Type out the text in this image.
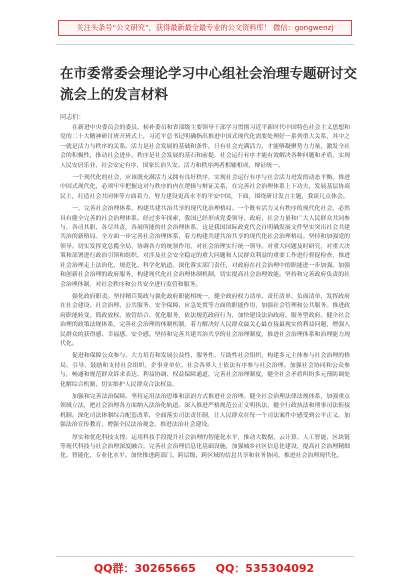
关注头条号“公文研究”，获得最新最全最专业的公文资料库！ 微信：gongwenzj
在市委常委会理论学习中心组社会治理专题研讨交流会上的发言材料
同志们：

在新进中央委员会的委员、候补委员和省部级主要领导干部学习贯彻习近平新时代中国特色社会主义思想和党的二十大精神研讨班开班式上，习近平总书记明确指出推进中国式现代化需要处理好一系列重大关系，其中之一就是活力与秩序的关系。活力是社会发展的基础和条件，只有社会充满活力，才能够凝聚势力力量，激发全社会的积极性，推动社会进步。秩序是社会发展的基石和前提，社会运行有序才能有效解决各种问题和矛盾，实现人民安居乐业、社会安定有序，国家长治久安。活力和秩序两者相辅相成，辩证统一。

一个现代化的社会，应该既充满活力又拥有良好秩序，实现社会运行有序与社会活力迸发的动态平衡。推进中国式现代化，必须牢牢把握这对与秩序的内在逻辑与辩证关系，在完善社会治理体系上下功夫，发展基层协商民主，打造社会共同体等方面着力，努力建设更高水平的平安中国，下面，围绕研讨发言主题，我谈几点体会。

一、完善社会治理体系，构建共建共治共享的现代化治理格局。一个既有活力又有秩序的现代化社会，必然具有健全完善的社会治理体系。经过多年探索，我国已经形成党委领导、政府、社会力量和广大人民群众共同参与，各司其职、各尽其责，各展所能的社会治理体系，这是我国国际政党代会自明确发展文件坚实突出社会共建共治的新格局。全方面一步完善社会治理体系，着力构建共建共治共享的现代化社会治理格局。坚持和加强党的领导。切实发挥党总揽全局、协调各方的统领作用，对社会治理实行统一领导。对重大问题及时研究，对重大决策和部署进行政治引领和组织，对涉及社会安全稳定的重大问题和人民群众利益的重要工作进行督促检查，推进社会治理走上法治化、规范化、科学化轨道。深化落实部门责任，对政府在社会治理中的职能进一步加强。加强和创新社会治理的政府服务，构建现代化社会治理体制机制，切实提高社会治理效能。坚持和完善政府负责的社会治理体制，对社会秩序和公共安全进行监管和服务。

强化政府职责。坚持精兵简政与强化政府职能相统一，健全政府权力清单、责任清单、负面清单，发挥政府在社会建设、社会治理、公共服务、安全保障、应急处置等方面的职能作用，加强社会管理和公共服务。推进政府职能转变，简政放权、放管结合、优化服务，依法规范政府行为，加快建设法治政府、服务型政府。健全社会治理的政策法规体系，完善社会治理的体制机制，着力解决好人民群众最关心最直接最现实的利益问题，增强人民群众的获得感、幸福感、安全感。坚持和完善共建共治共享的社会治理制度，推进社会治理体系和治理能力现代化。

促进和保障公众参与。大力培育和发展公益性、服务性、互助性社会组织，构建多元主体参与社会治理的格局。引导、鼓励和支持社会组织、企事业单位、社会各界人士依法有序参与社会治理。加强社会协同和公众参与，畅通和规范群众诉求表达、利益协调、权益保障通道，完善社会治理制度，健全社会矛盾纠纷多元预防调处化解综合机制，切实维护人民群众合法权益。

加强和完善法治保障。坚持运用法治思维和法治方式推进社会治理。健全社会治理法律法规体系，加强重点领域立法，把社会治理各方面纳入法治化轨道。深入推进严格规范公正文明执法，健全行政执法和刑事司法衔接机制。深化司法体制综合配套改革，全面落实司法责任制，让人民群众在每一个司法案件中感受到公平正义。加强法治宣传教育，增强全民法治观念，推进法治社会建设。

厚实和优化科技支撑。运用科技手段提升社会治理的智能化水平，推动大数据、云计算、人工智能、区块链等现代科技与社会治理深度融合。完善社会治理信息化基础设施，加强城乡社区信息化建设，提高社会治理精细化、智能化、专业化水平。加快推进跨部门、跨层级、跨区域的信息共享和业务协同，推进社会治理现代化。

QQ群：30265665 QQ：535304092
